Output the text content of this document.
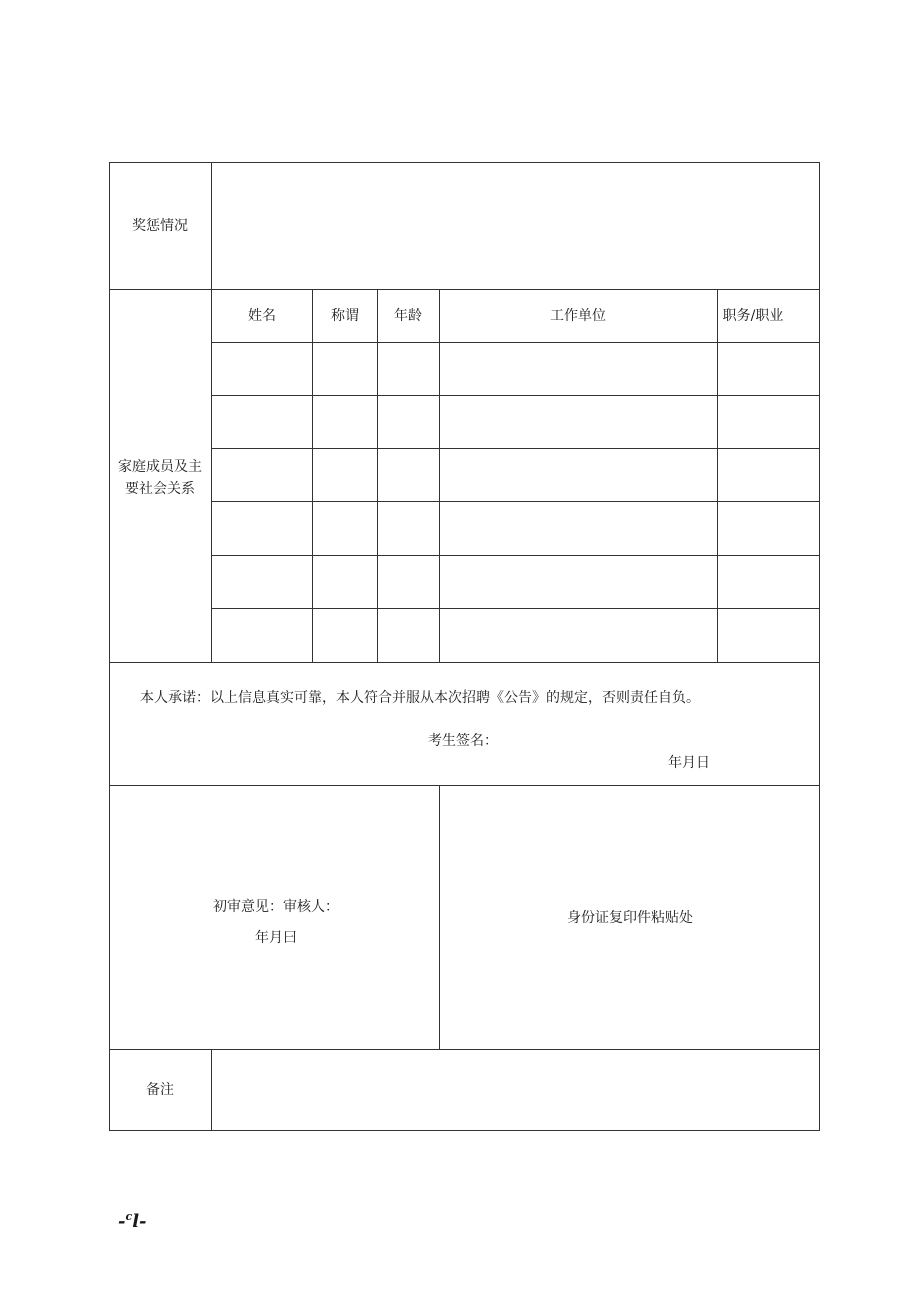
奖惩情况
家庭成员及主
要社会关系
姓名	称谓	年龄	工作单位	职务/职业
本人承诺：以上信息真实可靠，本人符合并服从本次招聘《公告》的规定，否则责任自负。
考生签名：
年月日
初审意见：审核人：
年月曰
身份证复印件粘贴处
备注
-$^c$l-
